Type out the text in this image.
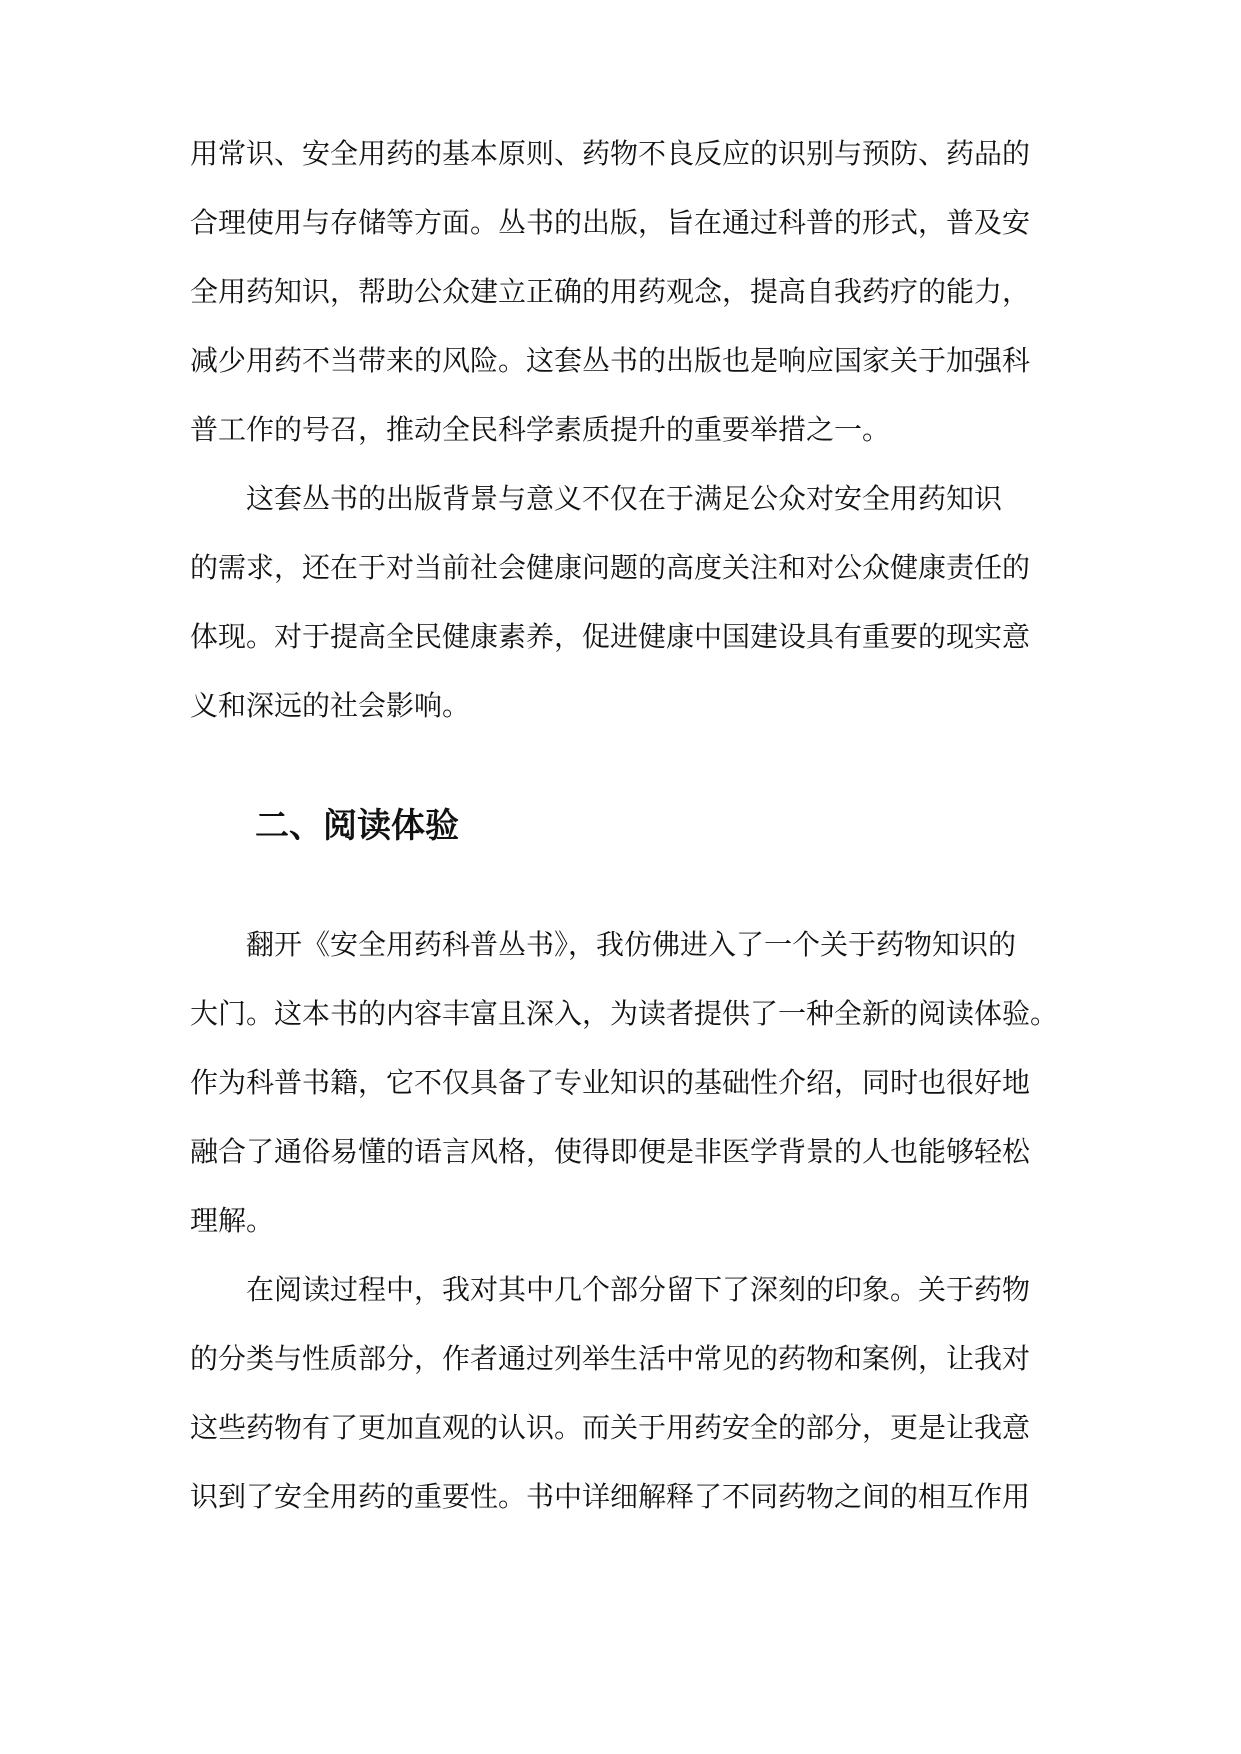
用常识、安全用药的基本原则、药物不良反应的识别与预防、药品的
合理使用与存储等方面。丛书的出版，旨在通过科普的形式，普及安
全用药知识，帮助公众建立正确的用药观念，提高自我药疗的能力，
减少用药不当带来的风险。这套丛书的出版也是响应国家关于加强科
普工作的号召，推动全民科学素质提升的重要举措之一。
这套丛书的出版背景与意义不仅在于满足公众对安全用药知识
的需求，还在于对当前社会健康问题的高度关注和对公众健康责任的
体现。对于提高全民健康素养，促进健康中国建设具有重要的现实意
义和深远的社会影响。
二、阅读体验
翻开《安全用药科普丛书》，我仿佛进入了一个关于药物知识的
大门。这本书的内容丰富且深入，为读者提供了一种全新的阅读体验。
作为科普书籍，它不仅具备了专业知识的基础性介绍，同时也很好地
融合了通俗易懂的语言风格，使得即便是非医学背景的人也能够轻松
理解。
在阅读过程中，我对其中几个部分留下了深刻的印象。关于药物
的分类与性质部分，作者通过列举生活中常见的药物和案例，让我对
这些药物有了更加直观的认识。而关于用药安全的部分，更是让我意
识到了安全用药的重要性。书中详细解释了不同药物之间的相互作用
